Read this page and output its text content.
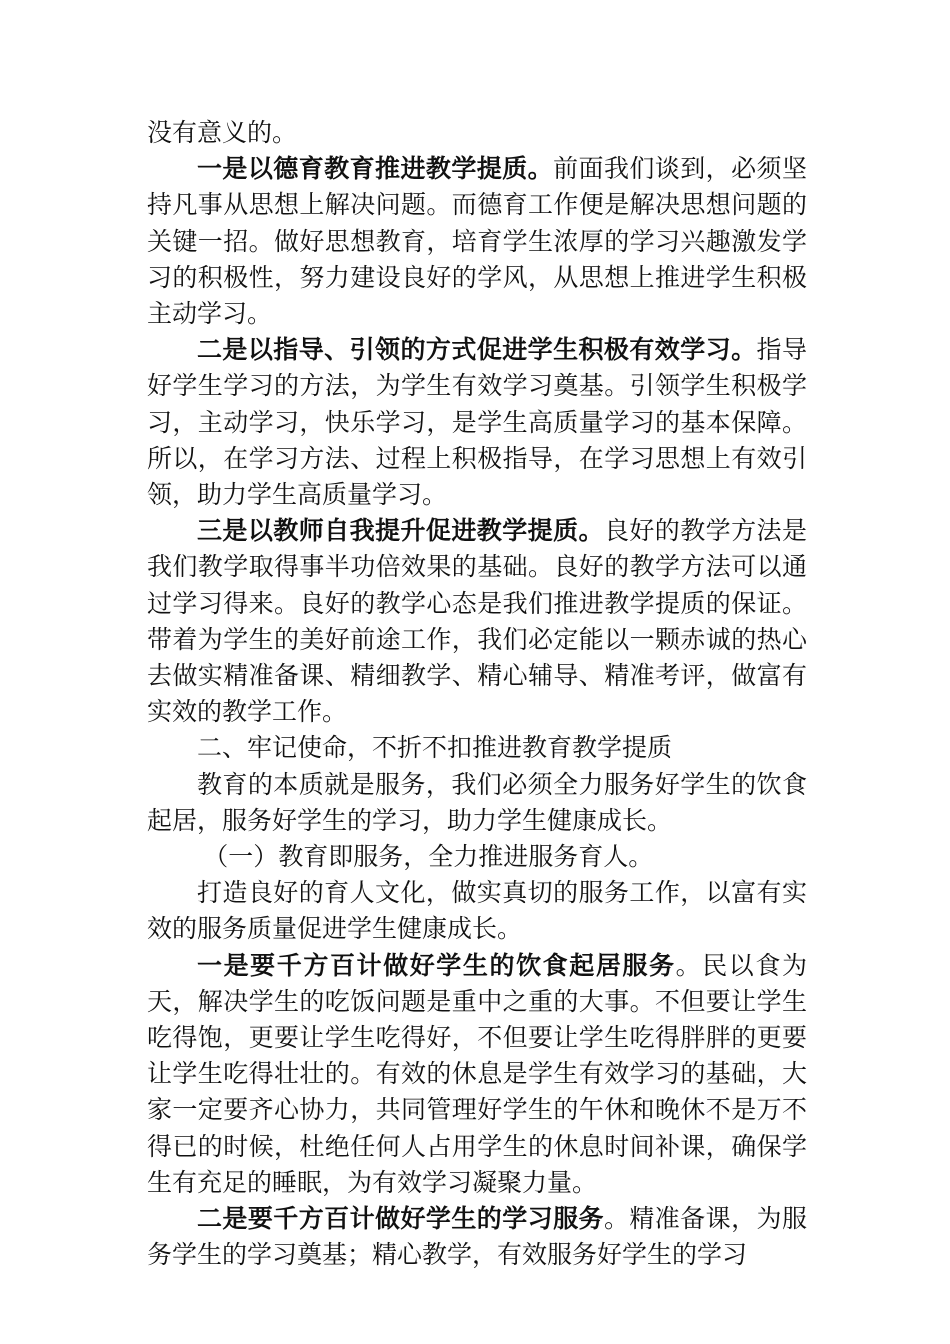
没有意义的。

一是以德育教育推进教学提质。前面我们谈到，必须坚持凡事从思想上解决问题。而德育工作便是解决思想问题的关键一招。做好思想教育，培育学生浓厚的学习兴趣激发学习的积极性，努力建设良好的学风，从思想上推进学生积极主动学习。

二是以指导、引领的方式促进学生积极有效学习。指导好学生学习的方法，为学生有效学习奠基。引领学生积极学习，主动学习，快乐学习，是学生高质量学习的基本保障。所以，在学习方法、过程上积极指导，在学习思想上有效引领，助力学生高质量学习。

三是以教师自我提升促进教学提质。良好的教学方法是我们教学取得事半功倍效果的基础。良好的教学方法可以通过学习得来。良好的教学心态是我们推进教学提质的保证。带着为学生的美好前途工作，我们必定能以一颗赤诚的热心去做实精准备课、精细教学、精心辅导、精准考评，做富有实效的教学工作。

二、牢记使命，不折不扣推进教育教学提质

教育的本质就是服务，我们必须全力服务好学生的饮食起居，服务好学生的学习，助力学生健康成长。

（一）教育即服务，全力推进服务育人。

打造良好的育人文化，做实真切的服务工作，以富有实效的服务质量促进学生健康成长。

一是要千方百计做好学生的饮食起居服务。民以食为天，解决学生的吃饭问题是重中之重的大事。不但要让学生吃得饱，更要让学生吃得好，不但要让学生吃得胖胖的更要让学生吃得壮壮的。有效的休息是学生有效学习的基础，大家一定要齐心协力，共同管理好学生的午休和晚休不是万不得已的时候，杜绝任何人占用学生的休息时间补课，确保学生有充足的睡眠，为有效学习凝聚力量。

二是要千方百计做好学生的学习服务。精准备课，为服务学生的学习奠基；精心教学，有效服务好学生的学习
